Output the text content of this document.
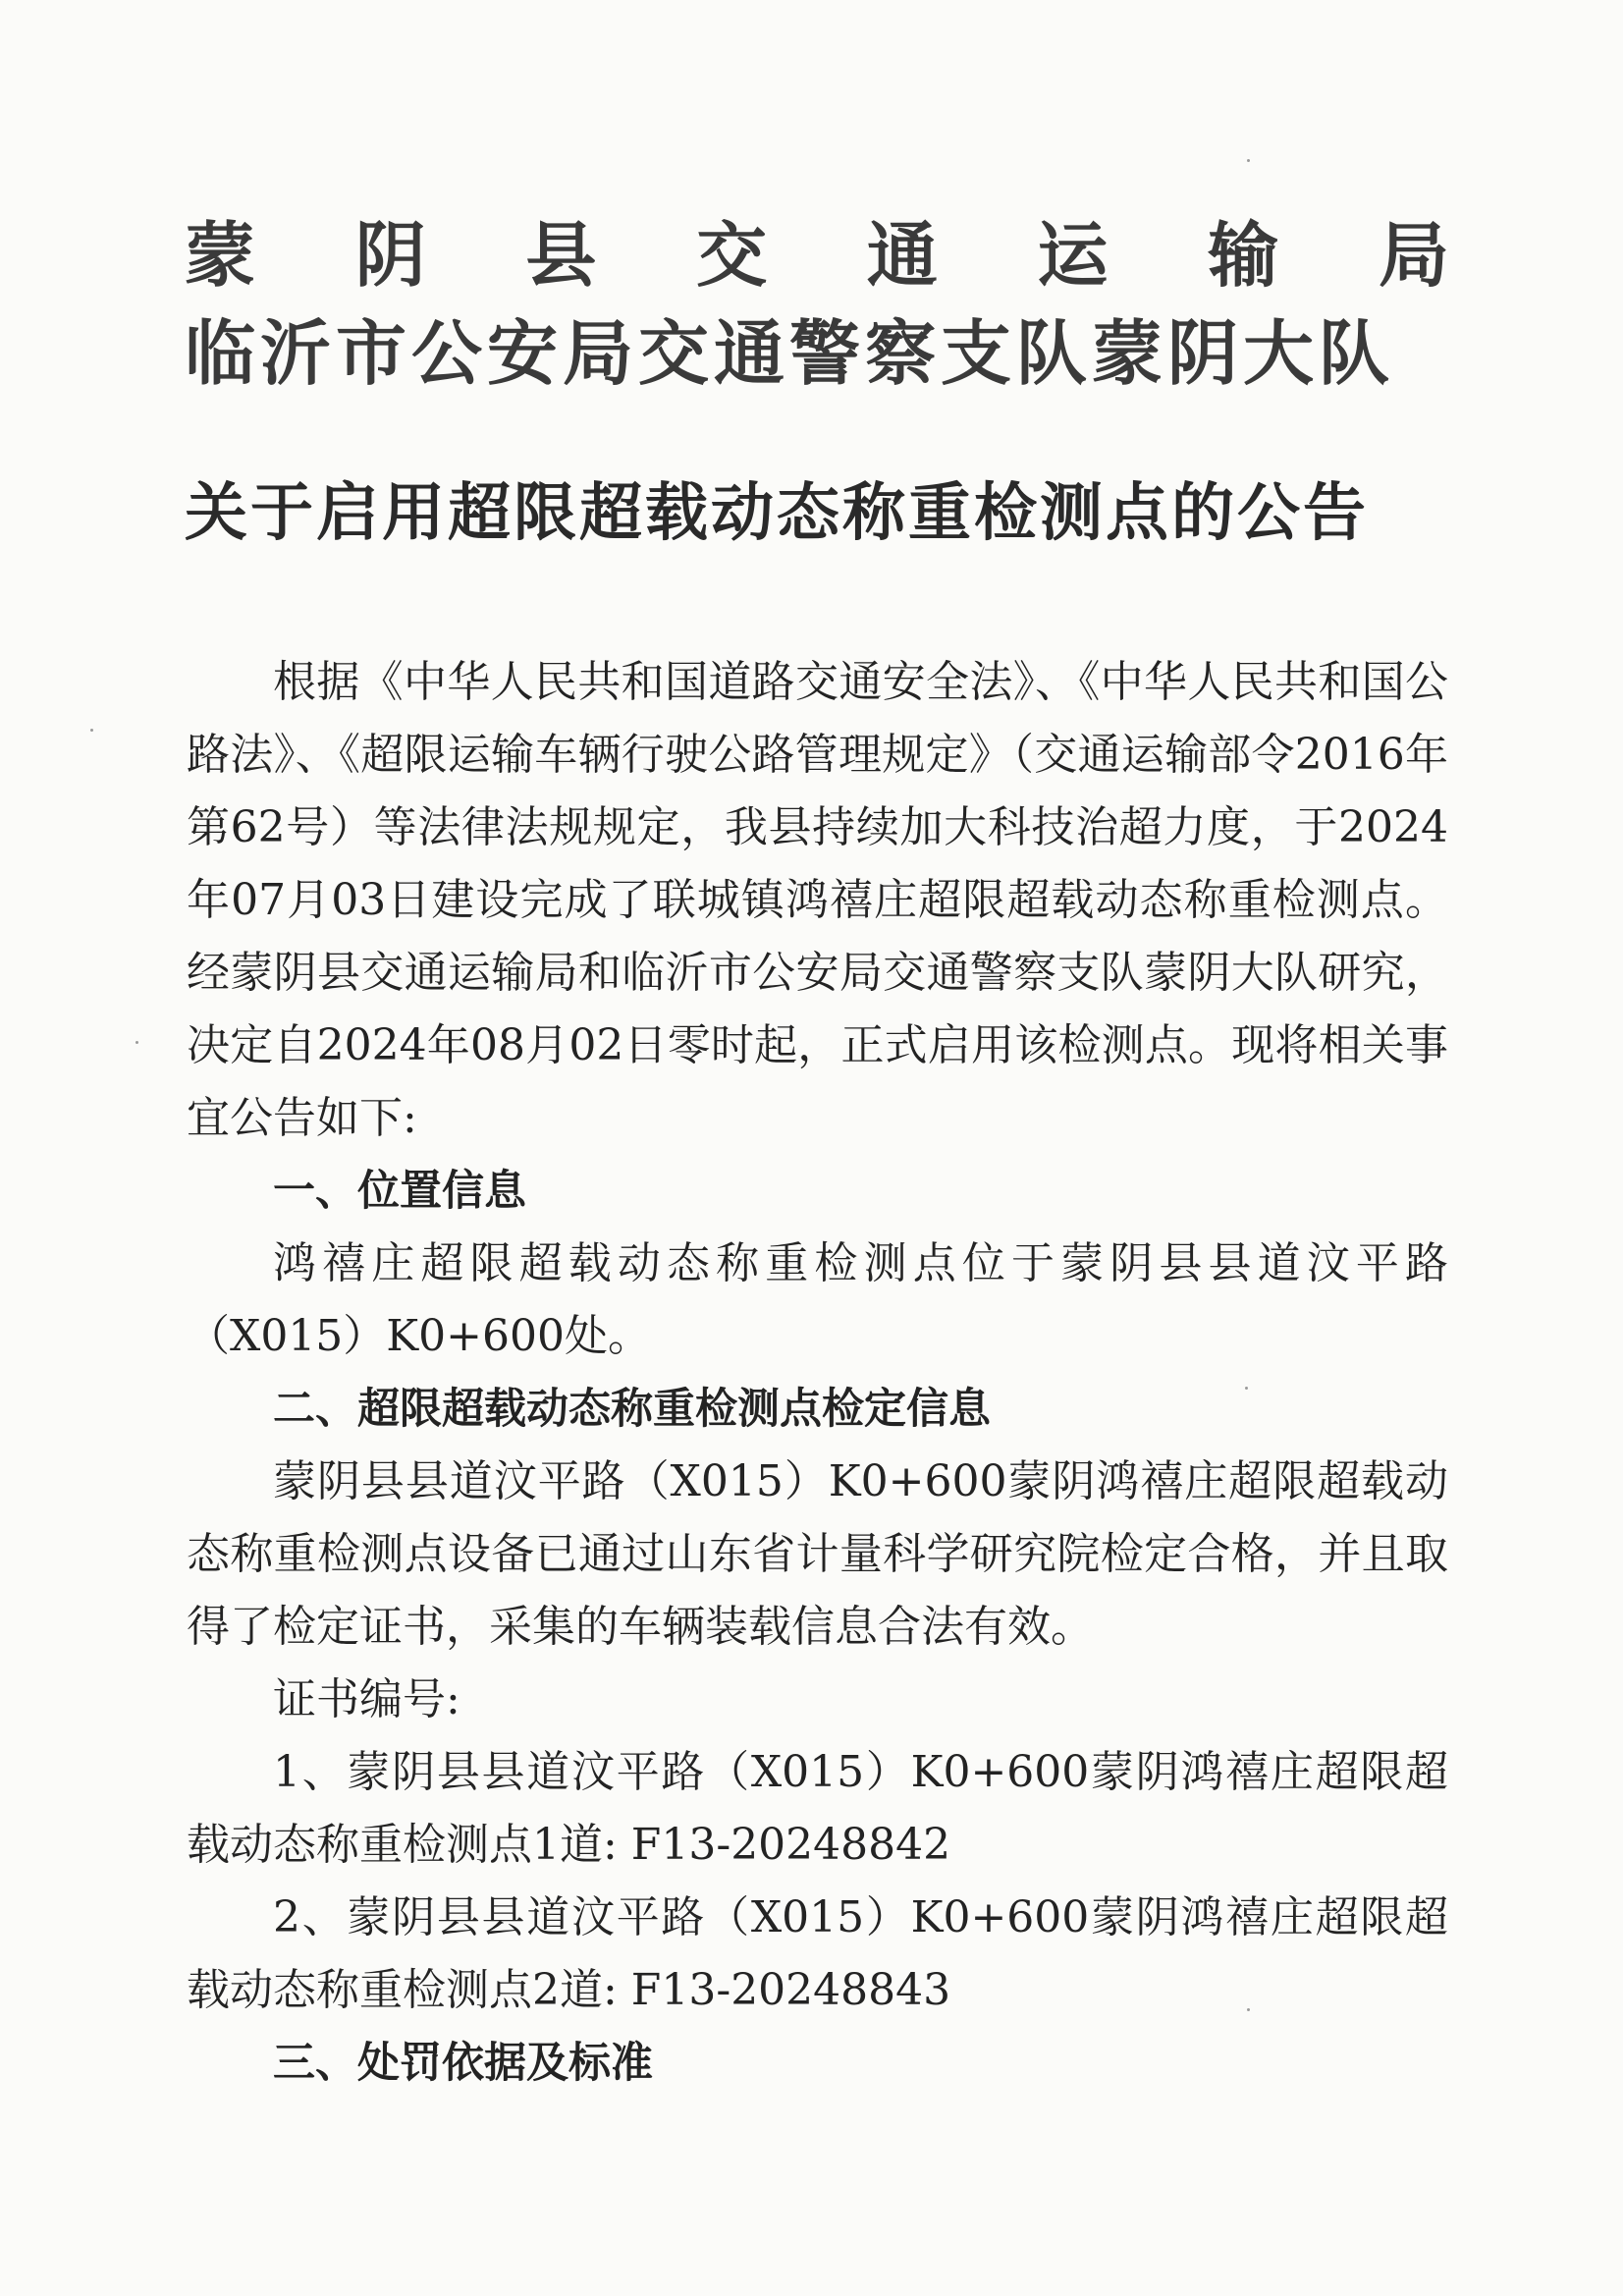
蒙阴县交通运输局
临沂市公安局交通警察支队蒙阴大队
关于启用超限超载动态称重检测点的公告

根据《中华人民共和国道路交通安全法》、《中华人民共和国公路法》、《超限运输车辆行驶公路管理规定》（交通运输部令2016年第62号）等法律法规规定，我县持续加大科技治超力度，于2024年07月03日建设完成了联城镇鸿禧庄超限超载动态称重检测点。经蒙阴县交通运输局和临沂市公安局交通警察支队蒙阴大队研究，决定自2024年08月02日零时起，正式启用该检测点。现将相关事宜公告如下:

一、位置信息

鸿禧庄超限超载动态称重检测点位于蒙阴县县道汶平路（X015）K0+600处。

二、超限超载动态称重检测点检定信息

蒙阴县县道汶平路（X015）K0+600蒙阴鸿禧庄超限超载动态称重检测点设备已通过山东省计量科学研究院检定合格，并且取得了检定证书，采集的车辆装载信息合法有效。

证书编号:

1、蒙阴县县道汶平路（X015）K0+600蒙阴鸿禧庄超限超载动态称重检测点1道: F13-20248842

2、蒙阴县县道汶平路（X015）K0+600蒙阴鸿禧庄超限超载动态称重检测点2道: F13-20248843

三、处罚依据及标准
